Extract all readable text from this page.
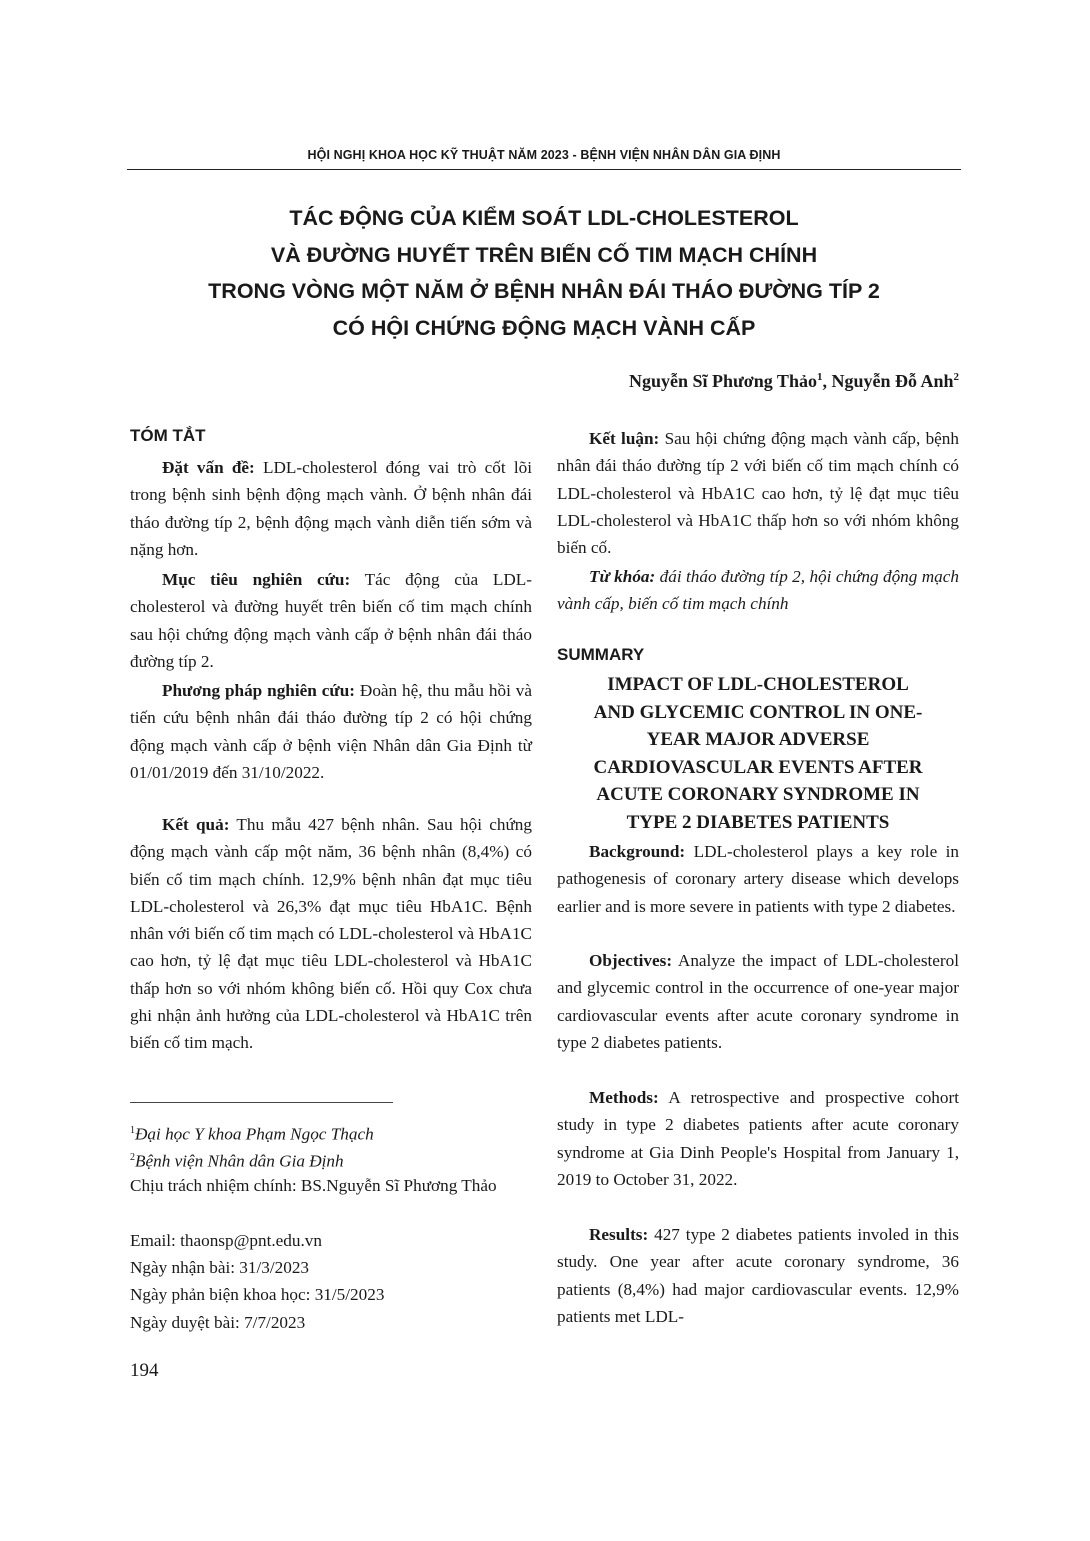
HỘI NGHỊ KHOA HỌC KỸ THUẬT NĂM 2023 - BỆNH VIỆN NHÂN DÂN GIA ĐỊNH
TÁC ĐỘNG CỦA KIỂM SOÁT LDL-CHOLESTEROL
VÀ ĐƯỜNG HUYẾT TRÊN BIẾN CỐ TIM MẠCH CHÍNH
TRONG VÒNG MỘT NĂM Ở BỆNH NHÂN ĐÁI THÁO ĐƯỜNG TÍP 2
CÓ HỘI CHỨNG ĐỘNG MẠCH VÀNH CẤP
Nguyễn Sĩ Phương Thảo$^1$, Nguyễn Đỗ Anh$^2$
TÓM TẮT

Đặt vấn đề: LDL-cholesterol đóng vai trò cốt lõi trong bệnh sinh bệnh động mạch vành. Ở bệnh nhân đái tháo đường típ 2, bệnh động mạch vành diễn tiến sớm và nặng hơn.

Mục tiêu nghiên cứu: Tác động của LDL-cholesterol và đường huyết trên biến cố tim mạch chính sau hội chứng động mạch vành cấp ở bệnh nhân đái tháo đường típ 2.

Phương pháp nghiên cứu: Đoàn hệ, thu mẫu hồi và tiến cứu bệnh nhân đái tháo đường típ 2 có hội chứng động mạch vành cấp ở bệnh viện Nhân dân Gia Định từ 01/01/2019 đến 31/10/2022.

Kết quả: Thu mẫu 427 bệnh nhân. Sau hội chứng động mạch vành cấp một năm, 36 bệnh nhân (8,4%) có biến cố tim mạch chính. 12,9% bệnh nhân đạt mục tiêu LDL-cholesterol và 26,3% đạt mục tiêu HbA1C. Bệnh nhân với biến cố tim mạch có LDL-cholesterol và HbA1C cao hơn, tỷ lệ đạt mục tiêu LDL-cholesterol và HbA1C thấp hơn so với nhóm không biến cố. Hồi quy Cox chưa ghi nhận ảnh hưởng của LDL-cholesterol và HbA1C trên biến cố tim mạch.

$^1$Đại học Y khoa Phạm Ngọc Thạch
$^2$Bệnh viện Nhân dân Gia Định
Chịu trách nhiệm chính: BS.Nguyễn Sĩ Phương Thảo
Email: thaonsp@pnt.edu.vn
Ngày nhận bài: 31/3/2023
Ngày phản biện khoa học: 31/5/2023
Ngày duyệt bài: 7/7/2023

Kết luận: Sau hội chứng động mạch vành cấp, bệnh nhân đái tháo đường típ 2 với biến cố tim mạch chính có LDL-cholesterol và HbA1C cao hơn, tỷ lệ đạt mục tiêu LDL-cholesterol và HbA1C thấp hơn so với nhóm không biến cố.

Từ khóa: đái tháo đường típ 2, hội chứng động mạch vành cấp, biến cố tim mạch chính

SUMMARY
IMPACT OF LDL-CHOLESTEROL
AND GLYCEMIC CONTROL IN ONE-
YEAR MAJOR ADVERSE
CARDIOVASCULAR EVENTS AFTER
ACUTE CORONARY SYNDROME IN
TYPE 2 DIABETES PATIENTS

Background: LDL-cholesterol plays a key role in pathogenesis of coronary artery disease which develops earlier and is more severe in patients with type 2 diabetes.

Objectives: Analyze the impact of LDL-cholesterol and glycemic control in the occurrence of one-year major cardiovascular events after acute coronary syndrome in type 2 diabetes patients.

Methods: A retrospective and prospective cohort study in type 2 diabetes patients after acute coronary syndrome at Gia Dinh People's Hospital from January 1, 2019 to October 31, 2022.

Results: 427 type 2 diabetes patients involed in this study. One year after acute coronary syndrome, 36 patients (8,4%) had major cardiovascular events. 12,9% patients met LDL-

194
